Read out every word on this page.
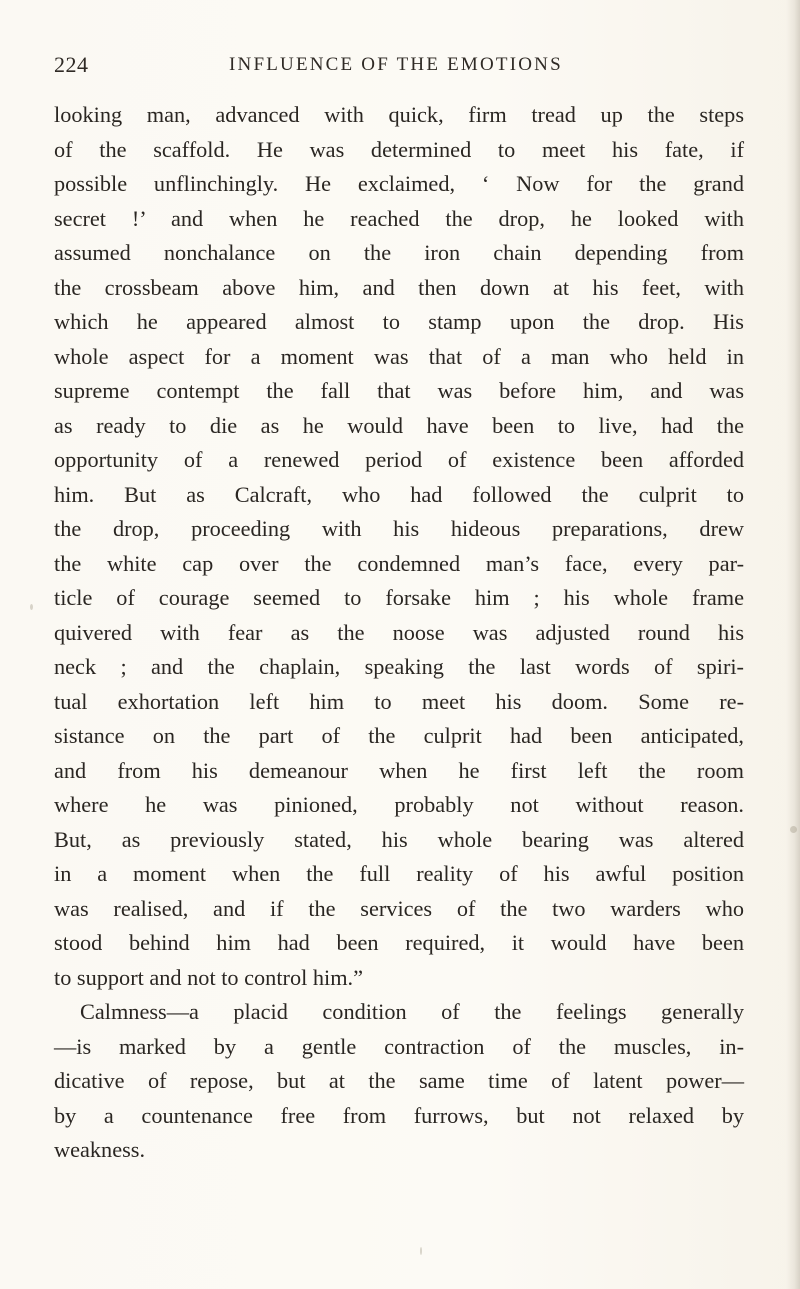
224	INFLUENCE OF THE EMOTIONS
looking man, advanced with quick, firm tread up the steps
of the scaffold. He was determined to meet his fate, if
possible unflinchingly. He exclaimed, ‘ Now for the grand
secret !’ and when he reached the drop, he looked with
assumed nonchalance on the iron chain depending from
the crossbeam above him, and then down at his feet, with
which he appeared almost to stamp upon the drop. His
whole aspect for a moment was that of a man who held in
supreme contempt the fall that was before him, and was
as ready to die as he would have been to live, had the
opportunity of a renewed period of existence been afforded
him. But as Calcraft, who had followed the culprit to
the drop, proceeding with his hideous preparations, drew
the white cap over the condemned man’s face, every par-
ticle of courage seemed to forsake him ; his whole frame
quivered with fear as the noose was adjusted round his
neck ; and the chaplain, speaking the last words of spiri-
tual exhortation left him to meet his doom. Some re-
sistance on the part of the culprit had been anticipated,
and from his demeanour when he first left the room
where he was pinioned, probably not without reason.
But, as previously stated, his whole bearing was altered
in a moment when the full reality of his awful position
was realised, and if the services of the two warders who
stood behind him had been required, it would have been
to support and not to control him.”
Calmness—a placid condition of the feelings generally
—is marked by a gentle contraction of the muscles, in-
dicative of repose, but at the same time of latent power—
by a countenance free from furrows, but not relaxed by
weakness.
